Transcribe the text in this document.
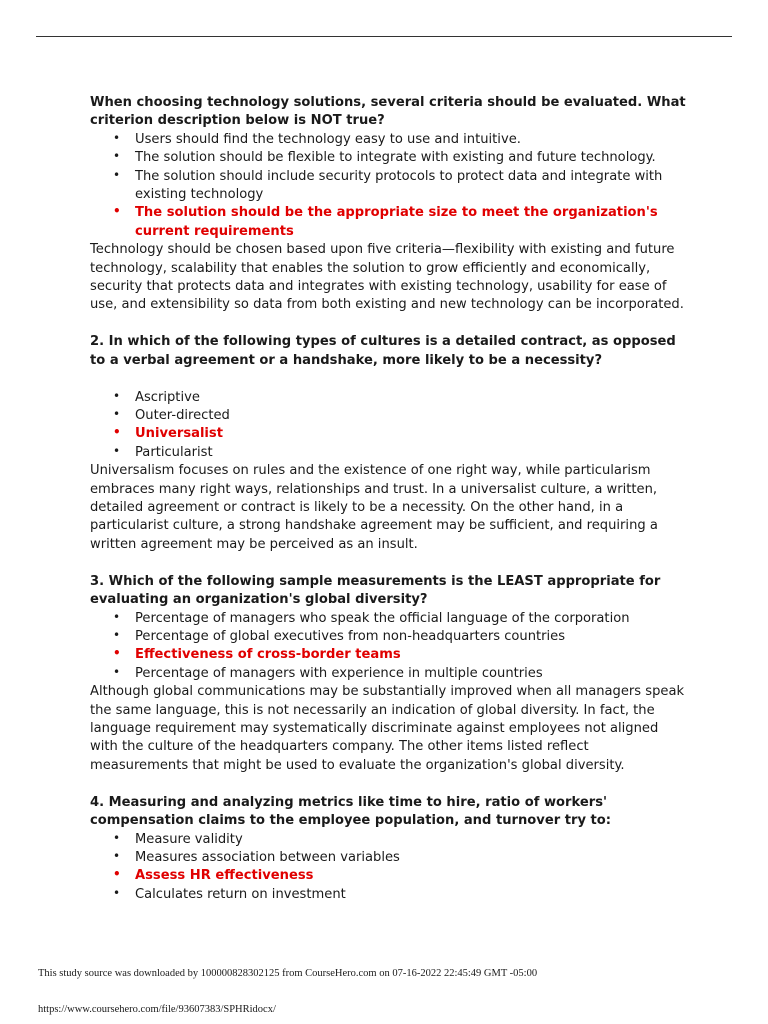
When choosing technology solutions, several criteria should be evaluated. What criterion description below is NOT true?

• Users should find the technology easy to use and intuitive.
• The solution should be flexible to integrate with existing and future technology.
• The solution should include security protocols to protect data and integrate with existing technology
• The solution should be the appropriate size to meet the organization's current requirements

Technology should be chosen based upon five criteria—flexibility with existing and future technology, scalability that enables the solution to grow efficiently and economically, security that protects data and integrates with existing technology, usability for ease of use, and extensibility so data from both existing and new technology can be incorporated.

2. In which of the following types of cultures is a detailed contract, as opposed to a verbal agreement or a handshake, more likely to be a necessity?

• Ascriptive
• Outer-directed
• Universalist
• Particularist

Universalism focuses on rules and the existence of one right way, while particularism embraces many right ways, relationships and trust. In a universalist culture, a written, detailed agreement or contract is likely to be a necessity. On the other hand, in a particularist culture, a strong handshake agreement may be sufficient, and requiring a written agreement may be perceived as an insult.

3. Which of the following sample measurements is the LEAST appropriate for evaluating an organization's global diversity?

• Percentage of managers who speak the official language of the corporation
• Percentage of global executives from non-headquarters countries
• Effectiveness of cross-border teams
• Percentage of managers with experience in multiple countries

Although global communications may be substantially improved when all managers speak the same language, this is not necessarily an indication of global diversity. In fact, the language requirement may systematically discriminate against employees not aligned with the culture of the headquarters company. The other items listed reflect measurements that might be used to evaluate the organization's global diversity.

4. Measuring and analyzing metrics like time to hire, ratio of workers' compensation claims to the employee population, and turnover try to:

• Measure validity
• Measures association between variables
• Assess HR effectiveness
• Calculates return on investment
This study source was downloaded by 100000828302125 from CourseHero.com on 07-16-2022 22:45:49 GMT -05:00
https://www.coursehero.com/file/93607383/SPHRidocx/
